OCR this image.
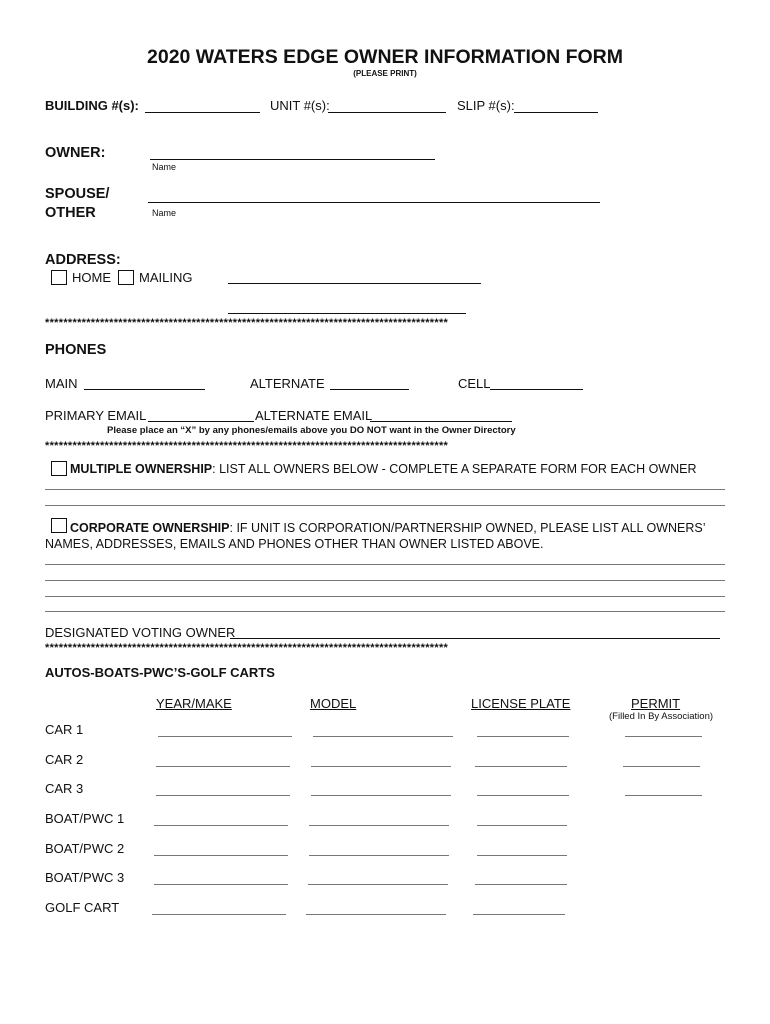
2020 WATERS EDGE OWNER INFORMATION FORM
(PLEASE PRINT)
BUILDING #(s):	UNIT #(s):	SLIP #(s):
OWNER:
Name
SPOUSE/
OTHER	Name
ADDRESS:
HOME MAILING
****************************************************************************************
PHONES
MAIN	ALTERNATE	CELL
PRIMARY EMAIL	ALTERNATE EMAIL
Please place an “X” by any phones/emails above you DO NOT want in the Owner Directory
****************************************************************************************
MULTIPLE OWNERSHIP: LIST ALL OWNERS BELOW - COMPLETE A SEPARATE FORM FOR EACH OWNER
CORPORATE OWNERSHIP: IF UNIT IS CORPORATION/PARTNERSHIP OWNED, PLEASE LIST ALL OWNERS’
NAMES, ADDRESSES, EMAILS AND PHONES OTHER THAN OWNER LISTED ABOVE.
DESIGNATED VOTING OWNER
****************************************************************************************
AUTOS-BOATS-PWC’S-GOLF CARTS
YEAR/MAKE	MODEL	LICENSE PLATE	PERMIT
(Filled In By Association)
CAR 1
CAR 2
CAR 3
BOAT/PWC 1
BOAT/PWC 2
BOAT/PWC 3
GOLF CART
